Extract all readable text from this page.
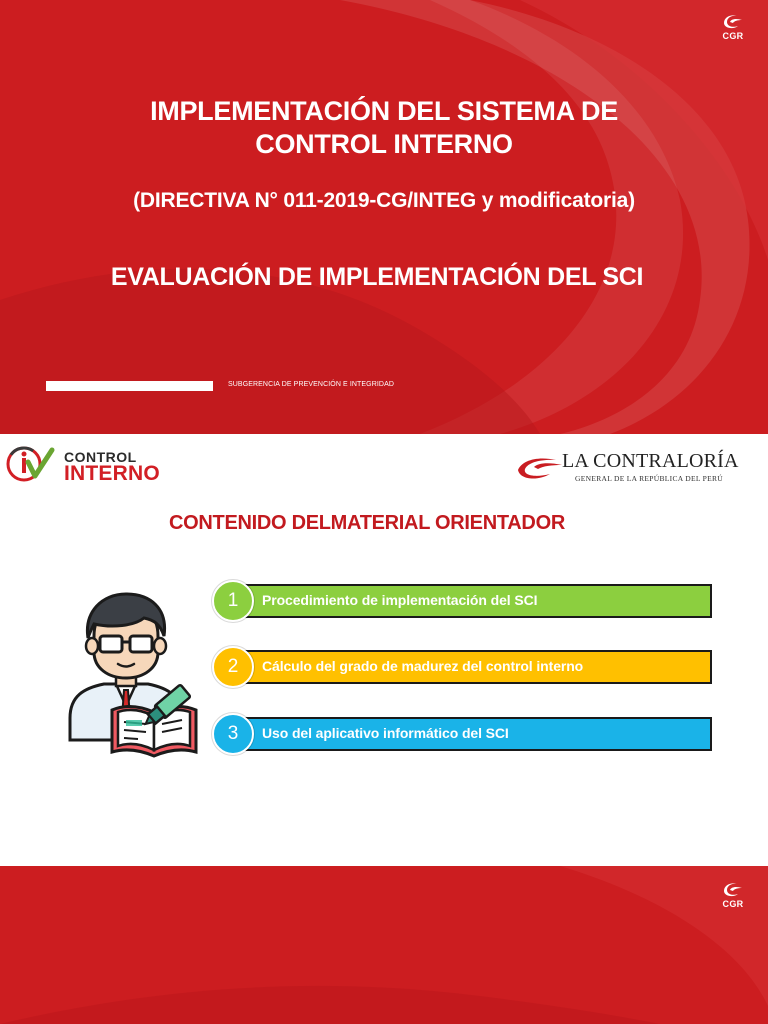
CGR
IMPLEMENTACIÓN DEL SISTEMA DE
CONTROL INTERNO
(DIRECTIVA N° 011-2019-CG/INTEG y modificatoria)
EVALUACIÓN DE IMPLEMENTACIÓN DEL SCI
SUBGERENCIA DE PREVENCIÓN E INTEGRIDAD
CONTROL
INTERNO
LA CONTRALORÍA
GENERAL DE LA REPÚBLICA DEL PERÚ
CONTENIDO DELMATERIAL ORIENTADOR
1	Procedimiento de implementación del SCI
2	Cálculo del grado de madurez del control interno
3	Uso del aplicativo informático del SCI
CGR
